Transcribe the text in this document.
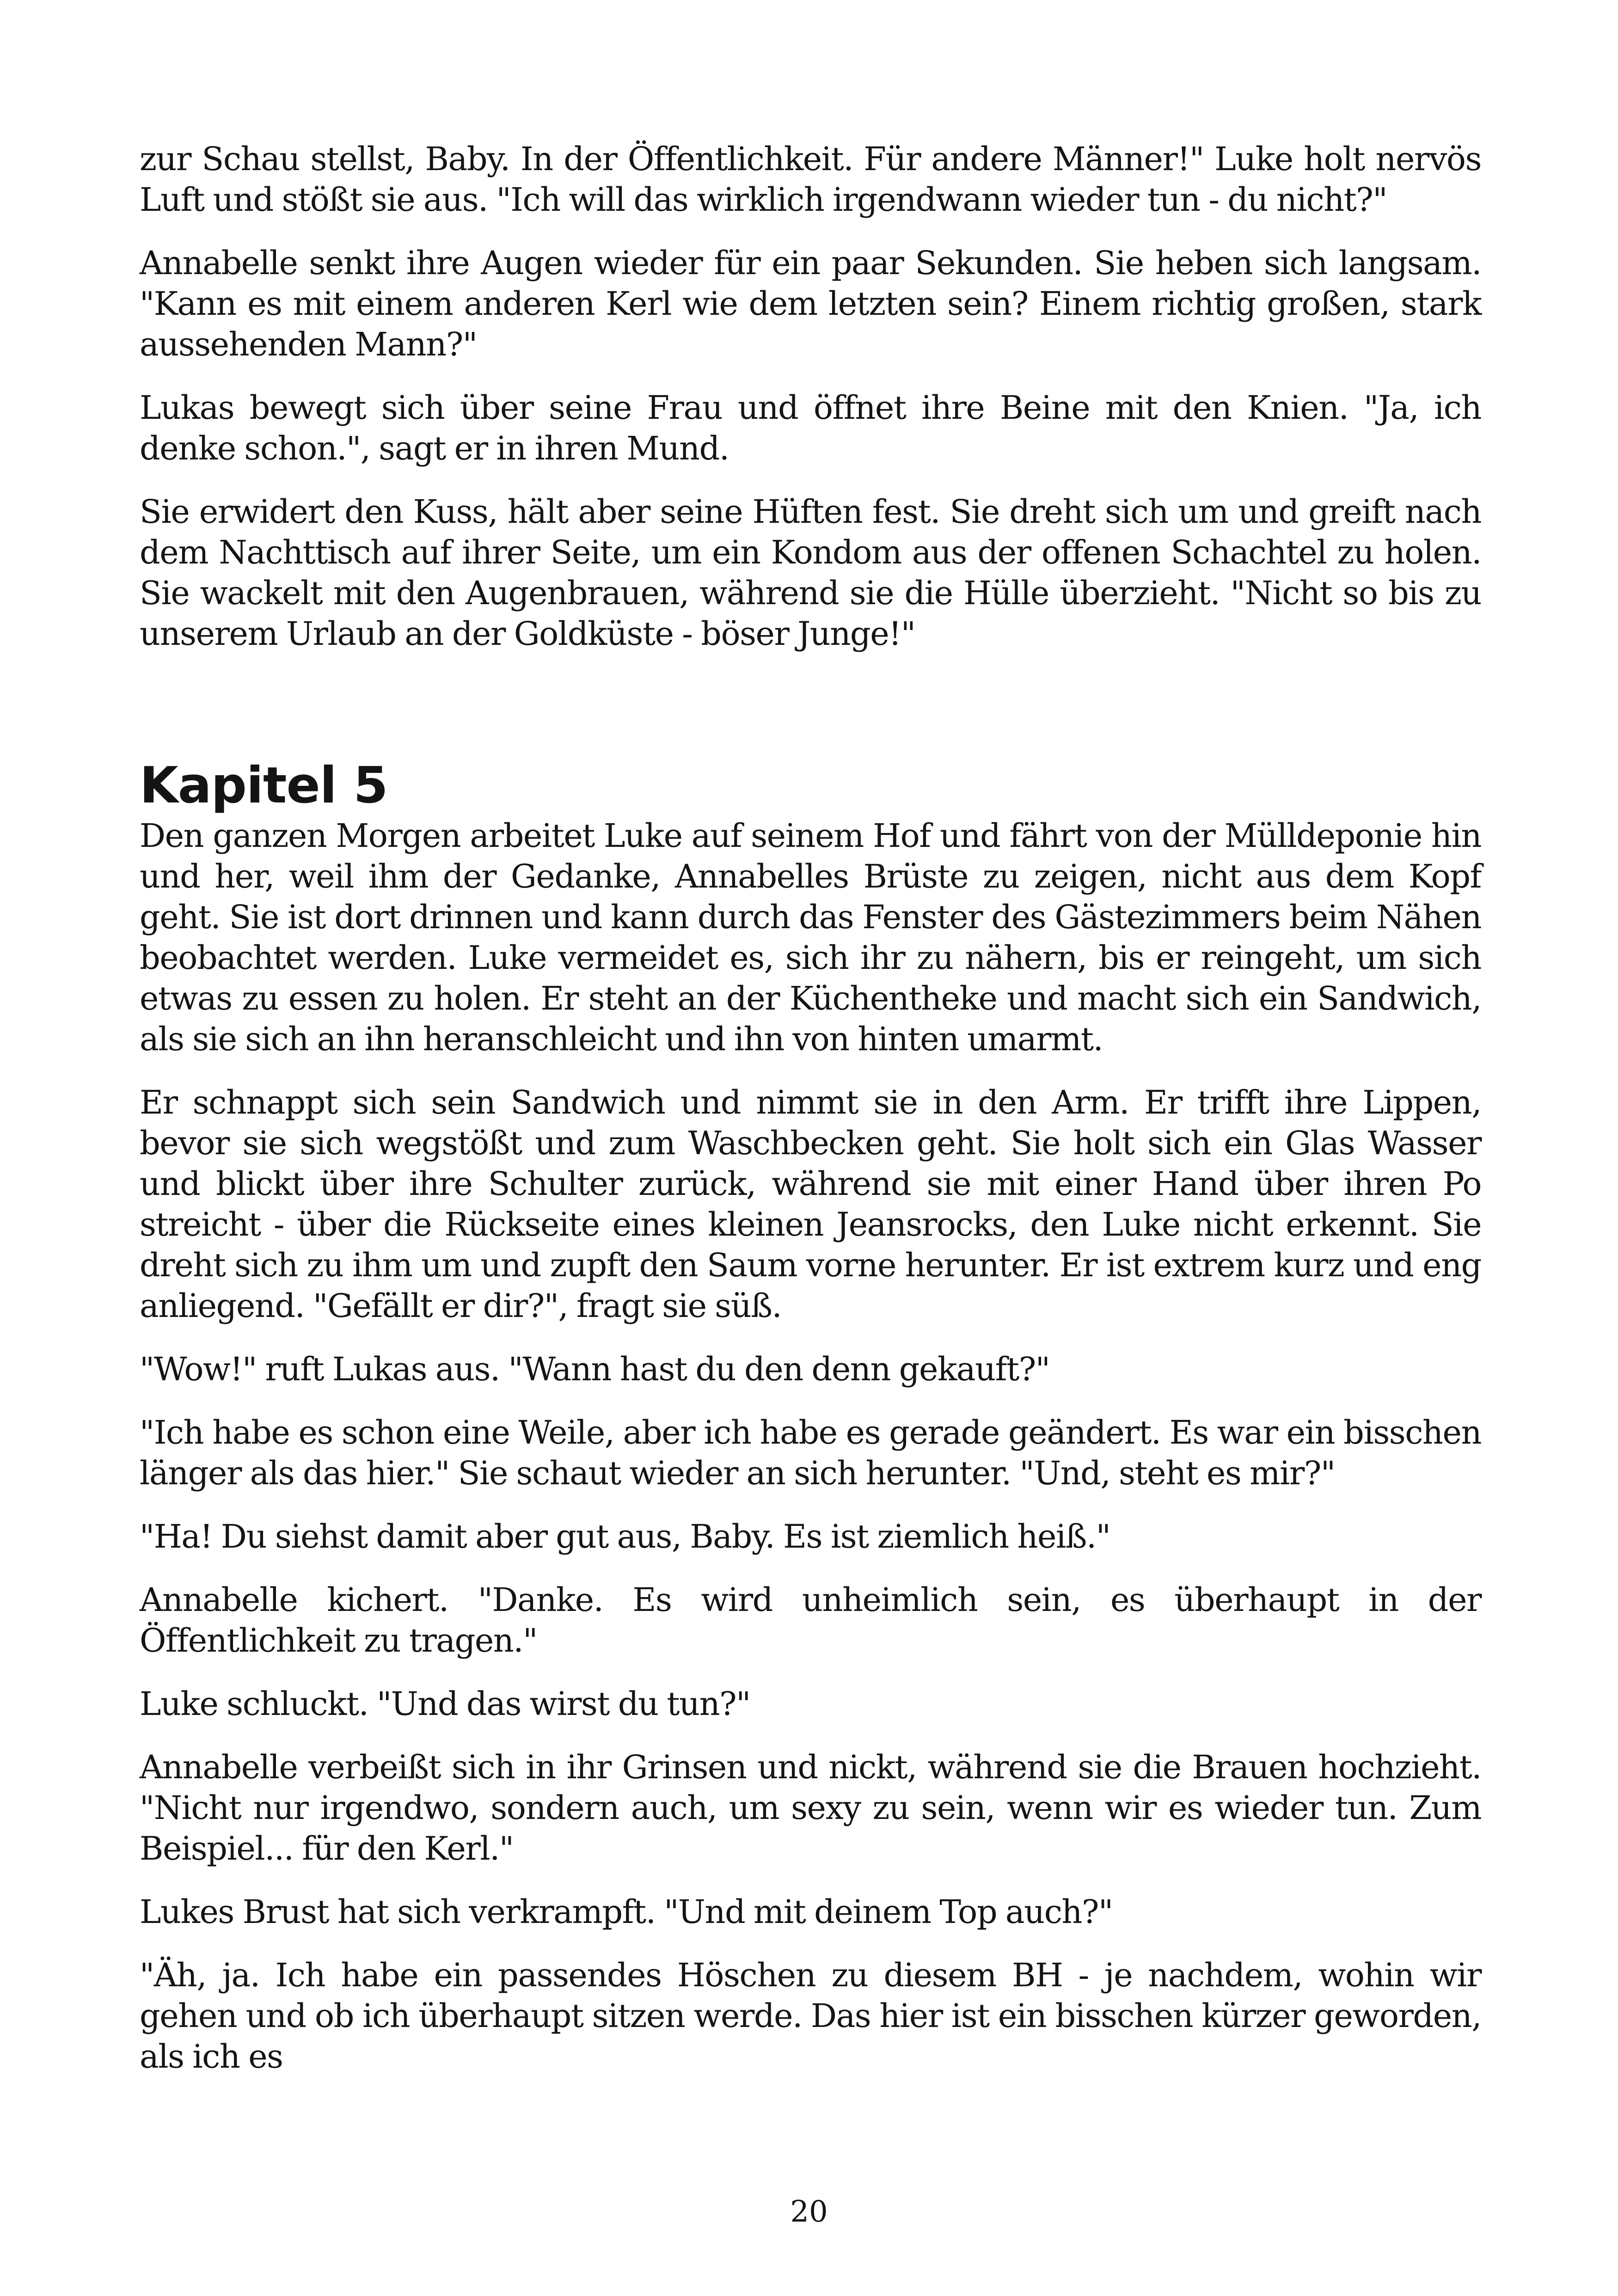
zur Schau stellst, Baby. In der Öffentlichkeit. Für andere Männer!" Luke holt nervös Luft und stößt sie aus. "Ich will das wirklich irgendwann wieder tun - du nicht?"

Annabelle senkt ihre Augen wieder für ein paar Sekunden. Sie heben sich langsam. "Kann es mit einem anderen Kerl wie dem letzten sein? Einem richtig großen, stark aussehenden Mann?"

Lukas bewegt sich über seine Frau und öffnet ihre Beine mit den Knien. "Ja, ich denke schon.", sagt er in ihren Mund.

Sie erwidert den Kuss, hält aber seine Hüften fest. Sie dreht sich um und greift nach dem Nachttisch auf ihrer Seite, um ein Kondom aus der offenen Schachtel zu holen. Sie wackelt mit den Augenbrauen, während sie die Hülle überzieht. "Nicht so bis zu unserem Urlaub an der Goldküste - böser Junge!"

Kapitel 5

Den ganzen Morgen arbeitet Luke auf seinem Hof und fährt von der Mülldeponie hin und her, weil ihm der Gedanke, Annabelles Brüste zu zeigen, nicht aus dem Kopf geht. Sie ist dort drinnen und kann durch das Fenster des Gästezimmers beim Nähen beobachtet werden. Luke vermeidet es, sich ihr zu nähern, bis er reingeht, um sich etwas zu essen zu holen. Er steht an der Küchentheke und macht sich ein Sandwich, als sie sich an ihn heranschleicht und ihn von hinten umarmt.

Er schnappt sich sein Sandwich und nimmt sie in den Arm. Er trifft ihre Lippen, bevor sie sich wegstößt und zum Waschbecken geht. Sie holt sich ein Glas Wasser und blickt über ihre Schulter zurück, während sie mit einer Hand über ihren Po streicht - über die Rückseite eines kleinen Jeansrocks, den Luke nicht erkennt. Sie dreht sich zu ihm um und zupft den Saum vorne herunter. Er ist extrem kurz und eng anliegend. "Gefällt er dir?", fragt sie süß.

"Wow!" ruft Lukas aus. "Wann hast du den denn gekauft?"

"Ich habe es schon eine Weile, aber ich habe es gerade geändert. Es war ein bisschen länger als das hier." Sie schaut wieder an sich herunter. "Und, steht es mir?"

"Ha! Du siehst damit aber gut aus, Baby. Es ist ziemlich heiß."

Annabelle kichert. "Danke. Es wird unheimlich sein, es überhaupt in der Öffentlichkeit zu tragen."

Luke schluckt. "Und das wirst du tun?"

Annabelle verbeißt sich in ihr Grinsen und nickt, während sie die Brauen hochzieht. "Nicht nur irgendwo, sondern auch, um sexy zu sein, wenn wir es wieder tun. Zum Beispiel... für den Kerl."

Lukes Brust hat sich verkrampft. "Und mit deinem Top auch?"

"Äh, ja. Ich habe ein passendes Höschen zu diesem BH - je nachdem, wohin wir gehen und ob ich überhaupt sitzen werde. Das hier ist ein bisschen kürzer geworden, als ich es

20
